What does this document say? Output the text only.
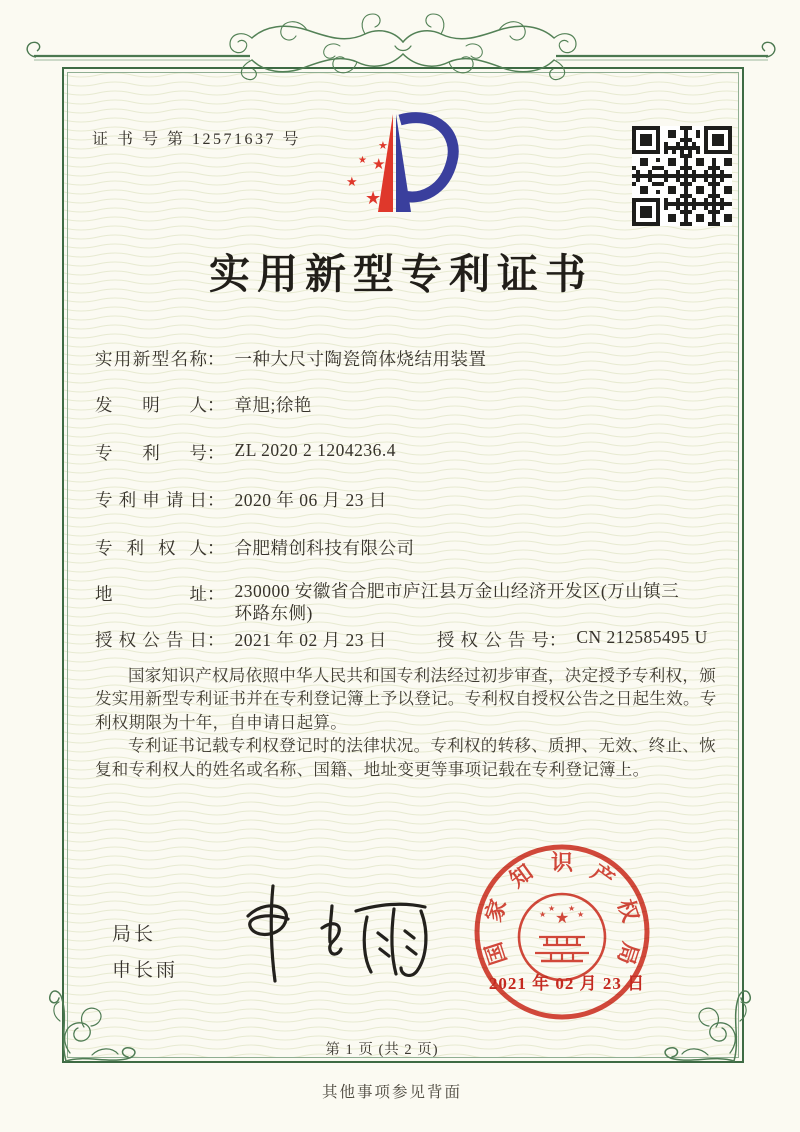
证 书 号 第 12571637 号	★
★ ★
★
★
实用新型专利证书
实用新型名称 ： 一种大尺寸陶瓷筒体烧结用装置
发明人 ： 章旭;徐艳
专利号 ： ZL 2020 2 1204236.4
专利申请日 ： 2020 年 06 月 23 日
专利权人 ： 合肥精创科技有限公司
地址 ： 230000 安徽省合肥市庐江县万金山经济开发区(万山镇三环路东侧)
授权公告日 ： 2021 年 02 月 23 日	授权公告号 ： CN 212585495 U

国家知识产权局依照中华人民共和国专利法经过初步审查，决定授予专利权，颁发实用新型专利证书并在专利登记簿上予以登记。专利权自授权公告之日起生效。专利权期限为十年，自申请日起算。

专利证书记载专利权登记时的法律状况。专利权的转移、质押、无效、终止、恢复和专利权人的姓名或名称、国籍、地址变更等事项记载在专利登记簿上。

局长
申长雨
★
★
★ ★
★
国
家
知 识 产
权
局
2021 年 02 月 23 日
第 1 页 (共 2 页)
其他事项参见背面
